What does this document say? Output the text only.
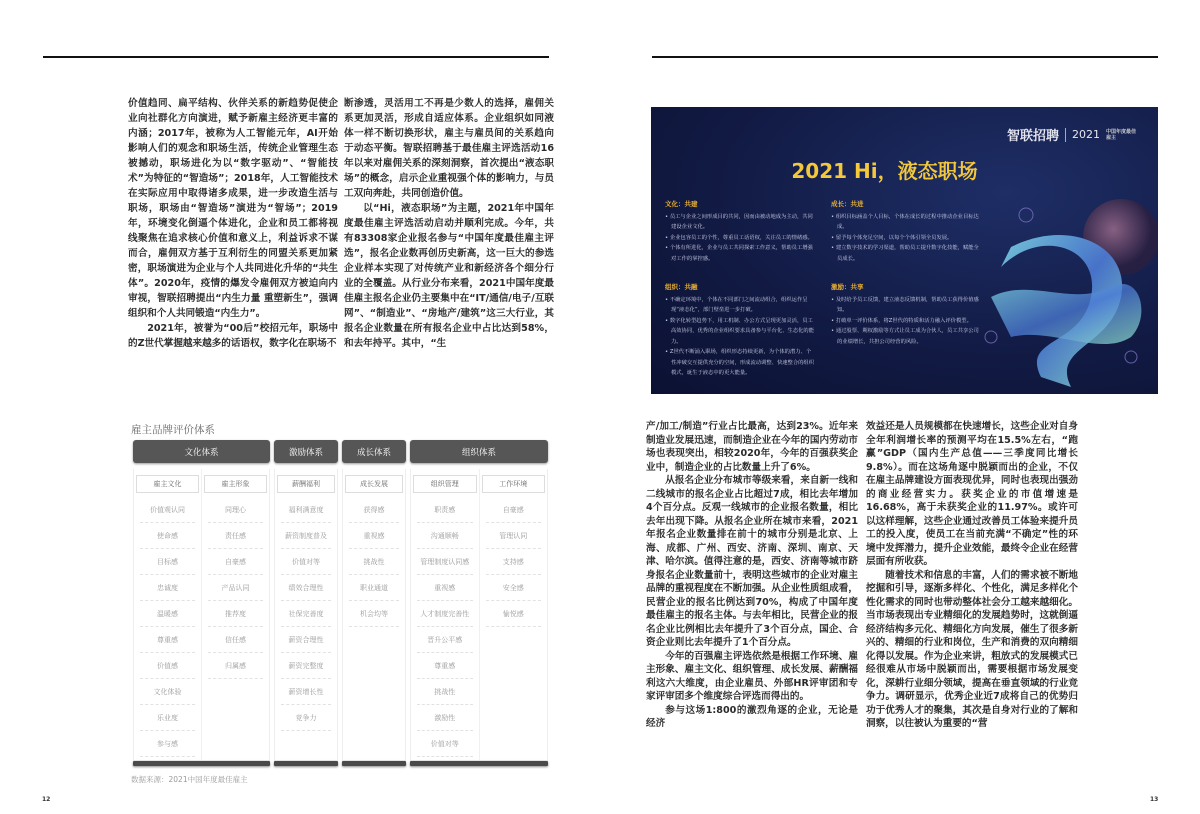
价值趋同、扁平结构、伙伴关系的新趋势促使企业向社群化方向演进，赋予新雇主经济更丰富的内涵；2017年，被称为人工智能元年，AI开始影响人们的观念和职场生活，传统企业管理生态被撼动，职场进化为以“数字驱动”、“智能技术”为特征的“智造场”；2018年，人工智能技术在实际应用中取得诸多成果，进一步改造生活与职场，职场由“智造场”演进为“智场”；2019年，环境变化倒逼个体进化，企业和员工都将视线聚焦在追求核心价值和意义上，利益诉求不谋而合，雇佣双方基于互利衍生的同盟关系更加紧密，职场演进为企业与个人共同进化升华的“共生体”。2020年，疫情的爆发令雇佣双方被迫向内审视，智联招聘提出“内生力量 重塑新生”，强调组织和个人共同锻造“内生力”。

2021年，被誉为“00后”校招元年，职场中的Z世代掌握越来越多的话语权，数字化在职场不

断渗透，灵活用工不再是少数人的选择，雇佣关系更加灵活，形成自适应体系。企业组织如同液体一样不断切换形状，雇主与雇员间的关系趋向于动态平衡。智联招聘基于最佳雇主评选活动16年以来对雇佣关系的深刻洞察，首次提出“液态职场”的概念，启示企业重视强个体的影响力，与员工双向奔赴，共同创造价值。

以“Hi，液态职场”为主题，2021年中国年度最佳雇主评选活动启动并顺利完成。今年，共有83308家企业报名参与“中国年度最佳雇主评选”，报名企业数再创历史新高，这一巨大的参选企业样本实现了对传统产业和新经济各个细分行业的全覆盖。从行业分布来看，2021中国年度最佳雇主报名企业仍主要集中在“IT/通信/电子/互联网”、“制造业”、“房地产/建筑”这三大行业，其报名企业数量在所有报名企业中占比达到58%，和去年持平。其中，“生

雇主品牌评价体系
文化体系
雇主文化
价值观认同
使命感
目标感
忠诚度
温暖感
尊重感
价值感
文化体验
乐业度
参与感
雇主形象
同理心
责任感
自豪感
产品认同
推荐度
信任感
归属感
激励体系
薪酬福利
福利满意度
薪资制度普及
价值对等
绩效合理性
社保完善度
薪资合理性
薪资完整度
薪资增长性
竞争力
成长体系
成长发展
获得感
重视感
挑战性
职业通道
机会均等
组织体系
组织管理
职责感
沟通顺畅
管理制度认同感
重视感
人才制度完善性
晋升公平感
尊重感
挑战性
激励性
价值对等
工作环境
自豪感
管理认同
支持感
安全感
愉悦感
数据来源：2021中国年度最佳雇主
12
智联招聘 2021 中国年度最佳雇主
2021 Hi，液态职场
文化：共建
• 员工与企业之间形成目的共同，因而由被动地成为主动，共同建设企业文化。
• 企业包容员工的个性，尊重员工话语权，关注员工的情绪感。
• 个体有所进化，企业与员工共同探索工作意义，帮助员工增强对工作的掌控感。
成长：共进
• 组织目标涵盖个人目标，个体在成长的过程中推动企业目标达成。
• 留予每个体充足空间，以每个个体引领全员发展。
• 建立数字技术的学习渠道，帮助员工提升数字化技能，赋能全员成长。
组织：共融
• 不确定环境中，个体在不同部门之间流动组合，组织运作呈现“液态化”，部门壁垒进一步打破。
• 数字化转型趋势下，用工机制、办公方式呈现更加灵活，员工高效协同，优秀的企业组织要求具备参与平台化、生态化的能力。
• Z世代不断涌入职场，组织形态持续更新，为个体的潜力、个性冲破交互提供充分的空间，形成流动调整、快速整合的组织模式，诞生于液态中的更大能量。
激励：共享
• 及时给予员工反馈，建立液态反馈机制，帮助员工获得价值感知。
• 打破单一评价体系，将Z世代的特质和活力融入评价模型。
• 通过股票、期权激励等方式让员工成为合伙人，员工共享公司的业绩增长，共担公司经营的风险。

产/加工/制造”行业占比最高，达到23%。近年来制造业发展迅速，而制造企业在今年的国内劳动市场也表现突出，相较2020年，今年的百强获奖企业中，制造企业的占比数量上升了6%。

从报名企业分布城市等级来看，来自新一线和二线城市的报名企业占比超过7成，相比去年增加4个百分点。反观一线城市的企业报名数量，相比去年出现下降。从报名企业所在城市来看，2021年报名企业数量排在前十的城市分别是北京、上海、成都、广州、西安、济南、深圳、南京、天津、哈尔滨。值得注意的是，西安、济南等城市跻身报名企业数量前十，表明这些城市的企业对雇主品牌的重视程度在不断加强。从企业性质组成看，民营企业的报名比例达到70%，构成了中国年度最佳雇主的报名主体。与去年相比，民营企业的报名企业比例相比去年提升了3个百分点，国企、合资企业则比去年提升了1个百分点。

今年的百强雇主评选依然是根据工作环境、雇主形象、雇主文化、组织管理、成长发展、薪酬福利这六大维度，由企业雇员、外部HR评审团和专家评审团多个维度综合评选而得出的。

参与这场1:800的激烈角逐的企业，无论是经济

效益还是人员规模都在快速增长，这些企业对自身全年利润增长率的预测平均在15.5%左右，“跑赢”GDP（国内生产总值——三季度同比增长9.8%）。而在这场角逐中脱颖而出的企业，不仅在雇主品牌建设方面表现优异，同时也表现出强劲的商业经营实力。获奖企业的市值增速是16.68%，高于未获奖企业的11.97%。或许可以这样理解，这些企业通过改善员工体验来提升员工的投入度，使员工在当前充满“不确定”性的环境中发挥潜力，提升企业效能，最终令企业在经营层面有所收获。

随着技术和信息的丰富，人们的需求被不断地挖掘和引导，逐渐多样化、个性化，满足多样化个性化需求的同时也带动整体社会分工越来越细化。当市场表现出专业精细化的发展趋势时，这就倒逼经济结构多元化、精细化方向发展，催生了很多新兴的、精细的行业和岗位，生产和消费的双向精细化得以发展。作为企业来讲，粗放式的发展模式已经很难从市场中脱颖而出，需要根据市场发展变化，深耕行业细分领域，提高在垂直领域的行业竞争力。调研显示，优秀企业近7成将自己的优势归功于优秀人才的聚集，其次是自身对行业的了解和洞察，以往被认为重要的“营

13
